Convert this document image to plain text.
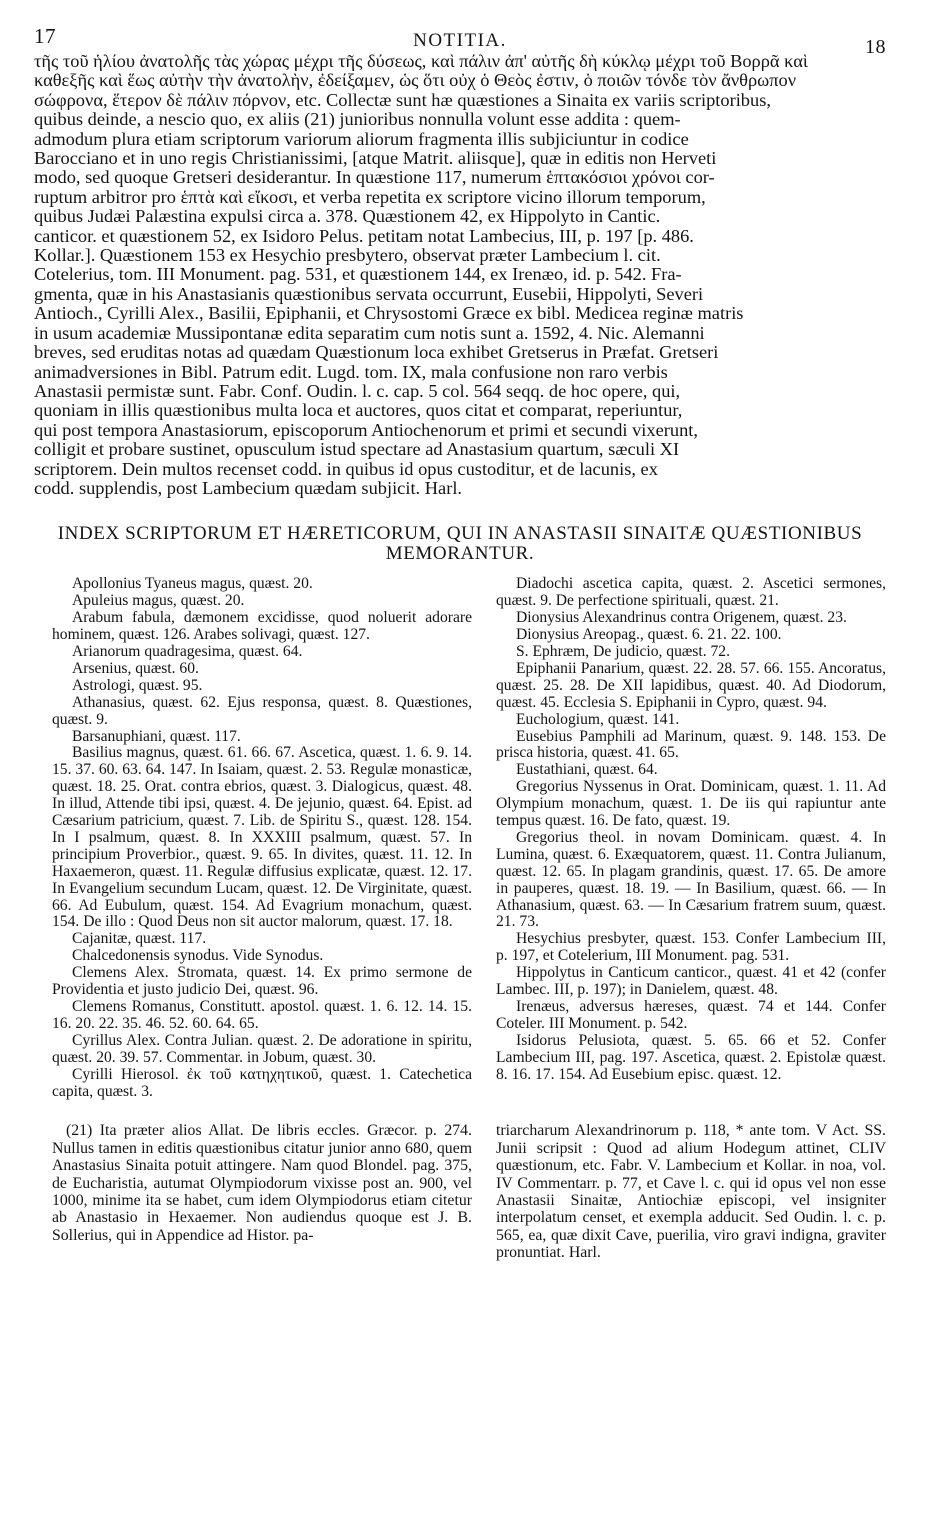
17	NOTITIA.	18
τῆς τοῦ ἡλίου ἀνατολῆς τὰς χώρας μέχρι τῆς δύσεως, καὶ πάλιν ἀπ' αὐτῆς δὴ κύκλῳ μέχρι τοῦ Βορρᾶ καὶ
καθεξῆς καὶ ἕως αὐτὴν τὴν ἀνατολὴν, ἐδείξαμεν, ὡς ὅτι οὐχ ὁ Θεὸς ἐστιν, ὁ ποιῶν τόνδε τὸν ἄνθρωπον
σώφρονα, ἕτερον δὲ πάλιν πόρνον, etc. Collectæ sunt hæ quæstiones a Sinaita ex variis scriptoribus,
quibus deinde, a nescio quo, ex aliis (21) junioribus nonnulla volunt esse addita : quem-
admodum plura etiam scriptorum variorum aliorum fragmenta illis subjiciuntur in codice
Barocciano et in uno regis Christianissimi, [atque Matrit. aliisque], quæ in editis non Herveti
modo, sed quoque Gretseri desiderantur. In quæstione 117, numerum ἑπτακόσιοι χρόνοι cor-
ruptum arbitror pro ἑπτὰ καὶ εἴκοσι, et verba repetita ex scriptore vicino illorum temporum,
quibus Judæi Palæstina expulsi circa a. 378. Quæstionem 42, ex Hippolyto in Cantic.
canticor. et quæstionem 52, ex Isidoro Pelus. petitam notat Lambecius, III, p. 197 [p. 486.
Kollar.]. Quæstionem 153 ex Hesychio presbytero, observat præter Lambecium l. cit.
Cotelerius, tom. III Monument. pag. 531, et quæstionem 144, ex Irenæo, id. p. 542. Fra-
gmenta, quæ in his Anastasianis quæstionibus servata occurrunt, Eusebii, Hippolyti, Severi
Antioch., Cyrilli Alex., Basilii, Epiphanii, et Chrysostomi Græce ex bibl. Medicea reginæ matris
in usum academiæ Mussipontanæ edita separatim cum notis sunt a. 1592, 4. Nic. Alemanni
breves, sed eruditas notas ad quædam Quæstionum loca exhibet Gretserus in Præfat. Gretseri
animadversiones in Bibl. Patrum edit. Lugd. tom. IX, mala confusione non raro verbis
Anastasii permistæ sunt. Fabr. Conf. Oudin. l. c. cap. 5 col. 564 seqq. de hoc opere, qui,
quoniam in illis quæstionibus multa loca et auctores, quos citat et comparat, reperiuntur,
qui post tempora Anastasiorum, episcoporum Antiochenorum et primi et secundi vixerunt,
colligit et probare sustinet, opusculum istud spectare ad Anastasium quartum, sæculi XI
scriptorem. Dein multos recenset codd. in quibus id opus custoditur, et de lacunis, ex
codd. supplendis, post Lambecium quædam subjicit. Harl.
INDEX SCRIPTORUM ET HÆRETICORUM, QUI IN ANASTASII SINAITÆ QUÆSTIONIBUS MEMORANTUR.

Apollonius Tyaneus magus, quæst. 20.

Apuleius magus, quæst. 20.

Arabum fabula, dæmonem excidisse, quod noluerit adorare hominem, quæst. 126. Arabes solivagi, quæst. 127.

Arianorum quadragesima, quæst. 64.

Arsenius, quæst. 60.

Astrologi, quæst. 95.

Athanasius, quæst. 62. Ejus responsa, quæst. 8. Quæstiones, quæst. 9.

Barsanuphiani, quæst. 117.

Basilius magnus, quæst. 61. 66. 67. Ascetica, quæst. 1. 6. 9. 14. 15. 37. 60. 63. 64. 147. In Isaiam, quæst. 2. 53. Regulæ monasticæ, quæst. 18. 25. Orat. contra ebrios, quæst. 3. Dialogicus, quæst. 48. In illud, Attende tibi ipsi, quæst. 4. De jejunio, quæst. 64. Epist. ad Cæsarium patricium, quæst. 7. Lib. de Spiritu S., quæst. 128. 154. In I psalmum, quæst. 8. In XXXIII psalmum, quæst. 57. In principium Proverbior., quæst. 9. 65. In divites, quæst. 11. 12. In Haxaemeron, quæst. 11. Regulæ diffusius explicatæ, quæst. 12. 17. In Evangelium secundum Lucam, quæst. 12. De Virginitate, quæst. 66. Ad Eubulum, quæst. 154. Ad Evagrium monachum, quæst. 154. De illo : Quod Deus non sit auctor malorum, quæst. 17. 18.

Cajanitæ, quæst. 117.

Chalcedonensis synodus. Vide Synodus.

Clemens Alex. Stromata, quæst. 14. Ex primo sermone de Providentia et justo judicio Dei, quæst. 96.

Clemens Romanus, Constitutt. apostol. quæst. 1. 6. 12. 14. 15. 16. 20. 22. 35. 46. 52. 60. 64. 65.

Cyrillus Alex. Contra Julian. quæst. 2. De adoratione in spiritu, quæst. 20. 39. 57. Commentar. in Jobum, quæst. 30.

Cyrilli Hierosol. ἐκ τοῦ κατηχητικοῦ, quæst. 1. Catechetica capita, quæst. 3.

Diadochi ascetica capita, quæst. 2. Ascetici sermones, quæst. 9. De perfectione spirituali, quæst. 21.

Dionysius Alexandrinus contra Origenem, quæst. 23.

Dionysius Areopag., quæst. 6. 21. 22. 100.

S. Ephræm, De judicio, quæst. 72.

Epiphanii Panarium, quæst. 22. 28. 57. 66. 155. Ancoratus, quæst. 25. 28. De XII lapidibus, quæst. 40. Ad Diodorum, quæst. 45. Ecclesia S. Epiphanii in Cypro, quæst. 94.

Euchologium, quæst. 141.

Eusebius Pamphili ad Marinum, quæst. 9. 148. 153. De prisca historia, quæst. 41. 65.

Eustathiani, quæst. 64.

Gregorius Nyssenus in Orat. Dominicam, quæst. 1. 11. Ad Olympium monachum, quæst. 1. De iis qui rapiuntur ante tempus quæst. 16. De fato, quæst. 19.

Gregorius theol. in novam Dominicam. quæst. 4. In Lumina, quæst. 6. Exæquatorem, quæst. 11. Contra Julianum, quæst. 12. 65. In plagam grandinis, quæst. 17. 65. De amore in pauperes, quæst. 18. 19. — In Basilium, quæst. 66. — In Athanasium, quæst. 63. — In Cæsarium fratrem suum, quæst. 21. 73.

Hesychius presbyter, quæst. 153. Confer Lambecium III, p. 197, et Cotelerium, III Monument. pag. 531.

Hippolytus in Canticum canticor., quæst. 41 et 42 (confer Lambec. III, p. 197); in Danielem, quæst. 48.

Irenæus, adversus hæreses, quæst. 74 et 144. Confer Coteler. III Monument. p. 542.

Isidorus Pelusiota, quæst. 5. 65. 66 et 52. Confer Lambecium III, pag. 197. Ascetica, quæst. 2. Epistolæ quæst. 8. 16. 17. 154. Ad Eusebium episc. quæst. 12.

(21) Ita præter alios Allat. De libris eccles. Græcor. p. 274. Nullus tamen in editis quæstionibus citatur junior anno 680, quem Anastasius Sinaita potuit attingere. Nam quod Blondel. pag. 375, de Eucharistia, autumat Olympiodorum vixisse post an. 900, vel 1000, minime ita se habet, cum idem Olympiodorus etiam citetur ab Anastasio in Hexaemer. Non audiendus quoque est J. B. Sollerius, qui in Appendice ad Histor. pa-

triarcharum Alexandrinorum p. 118, * ante tom. V Act. SS. Junii scripsit : Quod ad alium Hodegum attinet, CLIV quæstionum, etc. Fabr. V. Lambecium et Kollar. in noa, vol. IV Commentarr. p. 77, et Cave l. c. qui id opus vel non esse Anastasii Sinaitæ, Antiochiæ episcopi, vel insigniter interpolatum censet, et exempla adducit. Sed Oudin. l. c. p. 565, ea, quæ dixit Cave, puerilia, viro gravi indigna, graviter pronuntiat. Harl.
